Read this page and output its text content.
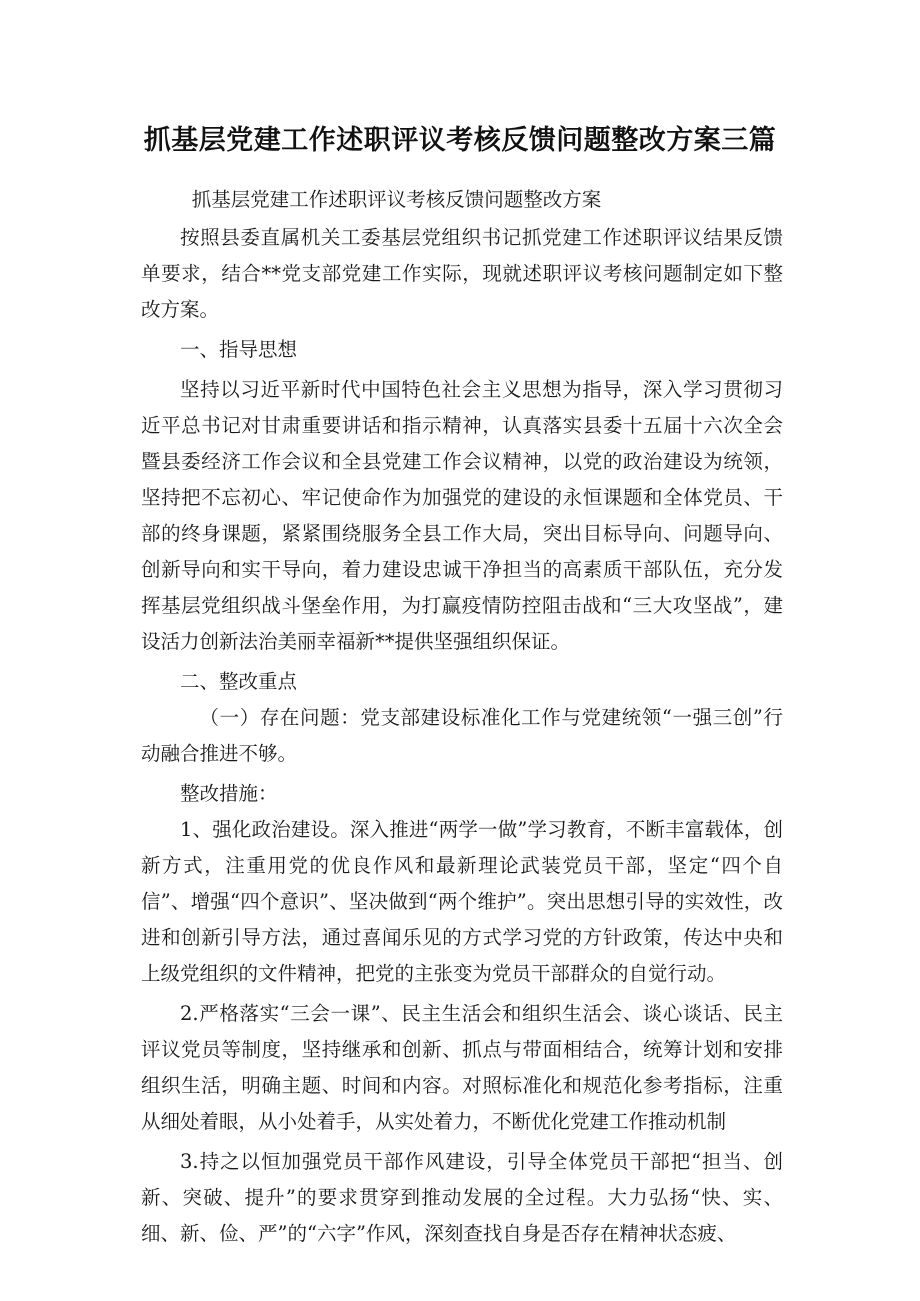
抓基层党建工作述职评议考核反馈问题整改方案三篇

抓基层党建工作述职评议考核反馈问题整改方案

按照县委直属机关工委基层党组织书记抓党建工作述职评议结果反馈单要求，结合**党支部党建工作实际，现就述职评议考核问题制定如下整改方案。

一、指导思想

坚持以习近平新时代中国特色社会主义思想为指导，深入学习贯彻习近平总书记对甘肃重要讲话和指示精神，认真落实县委十五届十六次全会暨县委经济工作会议和全县党建工作会议精神，以党的政治建设为统领，坚持把不忘初心、牢记使命作为加强党的建设的永恒课题和全体党员、干部的终身课题，紧紧围绕服务全县工作大局，突出目标导向、问题导向、创新导向和实干导向，着力建设忠诚干净担当的高素质干部队伍，充分发挥基层党组织战斗堡垒作用，为打赢疫情防控阻击战和“三大攻坚战”，建设活力创新法治美丽幸福新**提供坚强组织保证。

二、整改重点

（一）存在问题：党支部建设标准化工作与党建统领“一强三创”行动融合推进不够。

整改措施：

1、强化政治建设。深入推进“两学一做”学习教育，不断丰富载体，创新方式，注重用党的优良作风和最新理论武装党员干部，坚定“四个自信”、增强“四个意识”、坚决做到“两个维护”。突出思想引导的实效性，改进和创新引导方法，通过喜闻乐见的方式学习党的方针政策，传达中央和上级党组织的文件精神，把党的主张变为党员干部群众的自觉行动。

2.严格落实“三会一课”、民主生活会和组织生活会、谈心谈话、民主评议党员等制度，坚持继承和创新、抓点与带面相结合，统筹计划和安排组织生活，明确主题、时间和内容。对照标准化和规范化参考指标，注重从细处着眼，从小处着手，从实处着力，不断优化党建工作推动机制

3.持之以恒加强党员干部作风建设，引导全体党员干部把“担当、创新、突破、提升”的要求贯穿到推动发展的全过程。大力弘扬“快、实、细、新、俭、严”的“六字”作风，深刻查找自身是否存在精神状态疲、
